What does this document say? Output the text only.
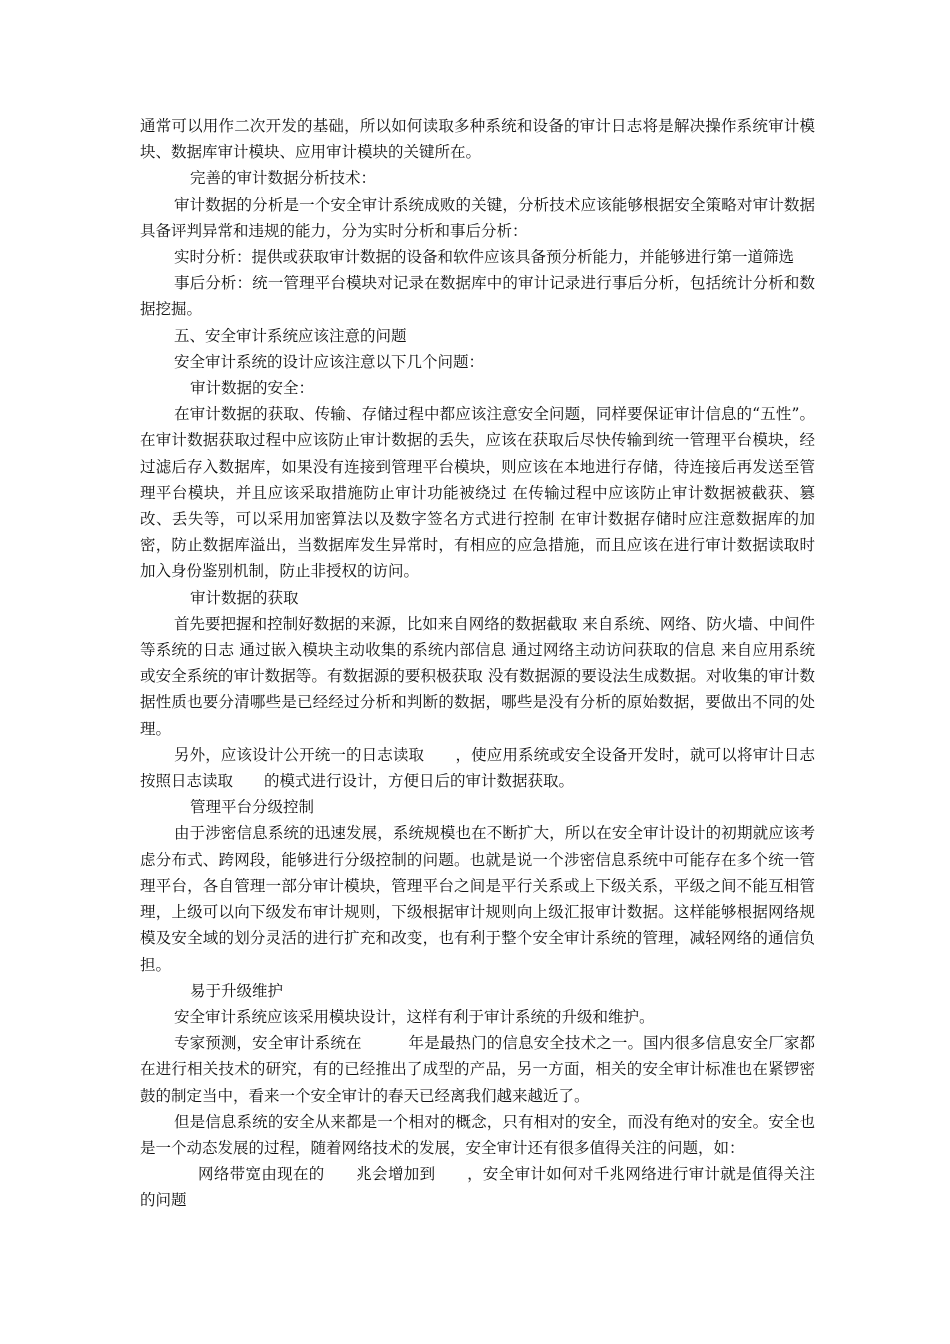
通常可以用作二次开发的基础，所以如何读取多种系统和设备的审计日志将是解决操作系统审计模块、数据库审计模块、应用审计模块的关键所在。

完善的审计数据分析技术：

审计数据的分析是一个安全审计系统成败的关键，分析技术应该能够根据安全策略对审计数据具备评判异常和违规的能力，分为实时分析和事后分析：

实时分析：提供或获取审计数据的设备和软件应该具备预分析能力，并能够进行第一道筛选

事后分析：统一管理平台模块对记录在数据库中的审计记录进行事后分析，包括统计分析和数据挖掘。

五、安全审计系统应该注意的问题

安全审计系统的设计应该注意以下几个问题：

审计数据的安全：

在审计数据的获取、传输、存储过程中都应该注意安全问题，同样要保证审计信息的“五性”。在审计数据获取过程中应该防止审计数据的丢失，应该在获取后尽快传输到统一管理平台模块，经过滤后存入数据库，如果没有连接到管理平台模块，则应该在本地进行存储，待连接后再发送至管理平台模块，并且应该采取措施防止审计功能被绕过 在传输过程中应该防止审计数据被截获、篡改、丢失等，可以采用加密算法以及数字签名方式进行控制 在审计数据存储时应注意数据库的加密，防止数据库溢出，当数据库发生异常时，有相应的应急措施，而且应该在进行审计数据读取时加入身份鉴别机制，防止非授权的访问。

审计数据的获取

首先要把握和控制好数据的来源，比如来自网络的数据截取 来自系统、网络、防火墙、中间件等系统的日志 通过嵌入模块主动收集的系统内部信息 通过网络主动访问获取的信息 来自应用系统或安全系统的审计数据等。有数据源的要积极获取 没有数据源的要设法生成数据。对收集的审计数据性质也要分清哪些是已经经过分析和判断的数据，哪些是没有分析的原始数据，要做出不同的处理。

另外，应该设计公开统一的日志读取　　，使应用系统或安全设备开发时，就可以将审计日志按照日志读取　　的模式进行设计，方便日后的审计数据获取。

管理平台分级控制

由于涉密信息系统的迅速发展，系统规模也在不断扩大，所以在安全审计设计的初期就应该考虑分布式、跨网段，能够进行分级控制的问题。也就是说一个涉密信息系统中可能存在多个统一管理平台，各自管理一部分审计模块，管理平台之间是平行关系或上下级关系，平级之间不能互相管理，上级可以向下级发布审计规则，下级根据审计规则向上级汇报审计数据。这样能够根据网络规模及安全域的划分灵活的进行扩充和改变，也有利于整个安全审计系统的管理，减轻网络的通信负担。

易于升级维护

安全审计系统应该采用模块设计，这样有利于审计系统的升级和维护。

专家预测，安全审计系统在　　　年是最热门的信息安全技术之一。国内很多信息安全厂家都在进行相关技术的研究，有的已经推出了成型的产品，另一方面，相关的安全审计标准也在紧锣密鼓的制定当中，看来一个安全审计的春天已经离我们越来越近了。

但是信息系统的安全从来都是一个相对的概念，只有相对的安全，而没有绝对的安全。安全也是一个动态发展的过程，随着网络技术的发展，安全审计还有很多值得关注的问题，如：

网络带宽由现在的　　兆会增加到　　，安全审计如何对千兆网络进行审计就是值得关注的问题
